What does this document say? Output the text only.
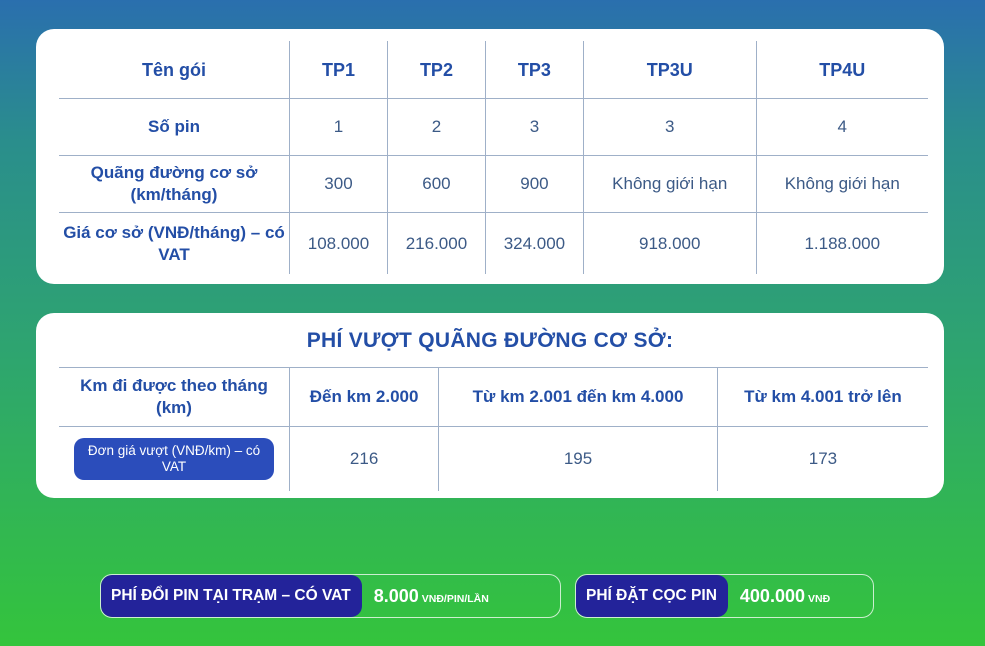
Tên gói	TP1	TP2	TP3	TP3U	TP4U
Số pin	1	2	3	3	4
Quãng đường cơ sở (km/tháng)	300	600	900	Không giới hạn	Không giới hạn
Giá cơ sở (VNĐ/tháng) – có VAT	108.000	216.000	324.000	918.000	1.188.000
PHÍ VƯỢT QUÃNG ĐƯỜNG CƠ SỞ:
Km đi được theo tháng (km)	Đến km 2.000	Từ km 2.001 đến km 4.000	Từ km 4.001 trở lên
Đơn giá vượt (VNĐ/km) – có VAT	216	195	173
PHÍ ĐỔI PIN TẠI TRẠM – CÓ VAT	8.000 VNĐ/PIN/LẦN	PHÍ ĐẶT CỌC PIN	400.000 VNĐ
